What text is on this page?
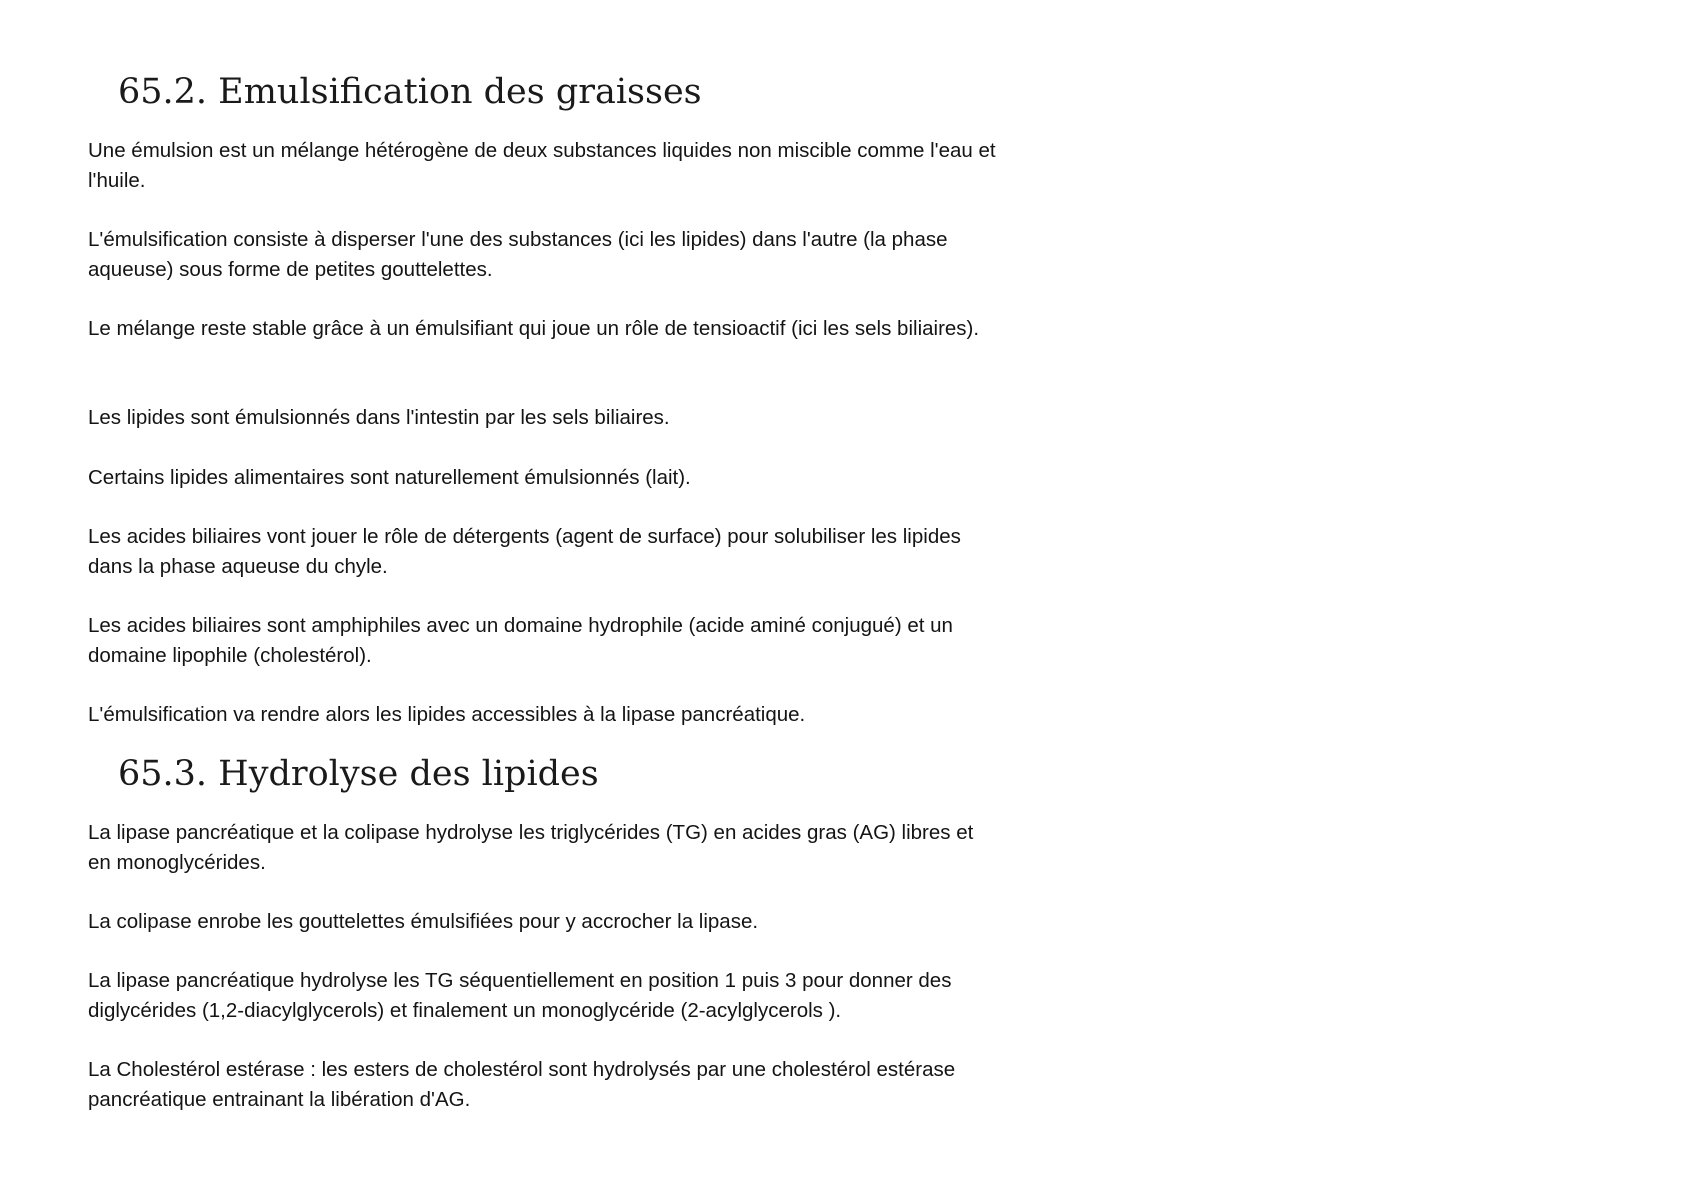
65.2. Emulsification des graisses

Une émulsion est un mélange hétérogène de deux substances liquides non miscible comme l'eau et l'huile.

L'émulsification consiste à disperser l'une des substances (ici les lipides) dans l'autre (la phase aqueuse) sous forme de petites gouttelettes.

Le mélange reste stable grâce à un émulsifiant qui joue un rôle de tensioactif (ici les sels biliaires).

Les lipides sont émulsionnés dans l'intestin par les sels biliaires.

Certains lipides alimentaires sont naturellement émulsionnés (lait).

Les acides biliaires vont jouer le rôle de détergents (agent de surface) pour solubiliser les lipides dans la phase aqueuse du chyle.

Les acides biliaires sont amphiphiles avec un domaine hydrophile (acide aminé conjugué) et un domaine lipophile (cholestérol).

L'émulsification va rendre alors les lipides accessibles à la lipase pancréatique.

65.3. Hydrolyse des lipides

La lipase pancréatique et la colipase hydrolyse les triglycérides (TG) en acides gras (AG) libres et en monoglycérides.

La colipase enrobe les gouttelettes émulsifiées pour y accrocher la lipase.

La lipase pancréatique hydrolyse les TG séquentiellement en position 1 puis 3 pour donner des diglycérides (1,2-diacylglycerols) et finalement un monoglycéride (2-acylglycerols ).

La Cholestérol estérase : les esters de cholestérol sont hydrolysés par une cholestérol estérase pancréatique entrainant la libération d'AG.
